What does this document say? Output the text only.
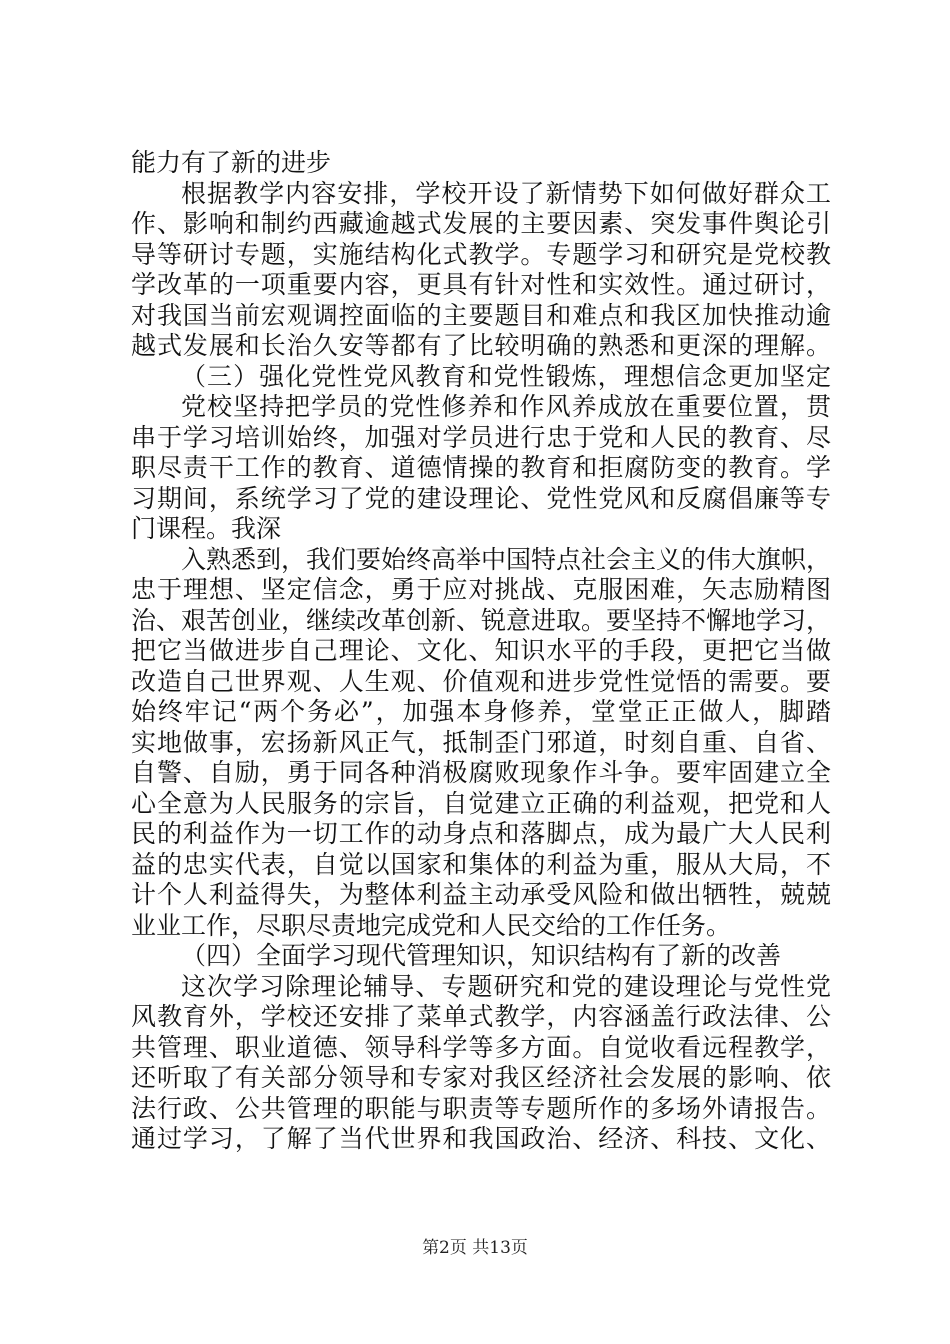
能力有了新的进步
根据教学内容安排，学校开设了新情势下如何做好群众工
作、影响和制约西藏逾越式发展的主要因素、突发事件舆论引
导等研讨专题，实施结构化式教学。专题学习和研究是党校教
学改革的一项重要内容，更具有针对性和实效性。通过研讨，
对我国当前宏观调控面临的主要题目和难点和我区加快推动逾
越式发展和长治久安等都有了比较明确的熟悉和更深的理解。
（三）强化党性党风教育和党性锻炼，理想信念更加坚定
党校坚持把学员的党性修养和作风养成放在重要位置，贯
串于学习培训始终，加强对学员进行忠于党和人民的教育、尽
职尽责干工作的教育、道德情操的教育和拒腐防变的教育。学
习期间，系统学习了党的建设理论、党性党风和反腐倡廉等专
门课程。我深
入熟悉到，我们要始终高举中国特点社会主义的伟大旗帜，
忠于理想、坚定信念，勇于应对挑战、克服困难，矢志励精图
治、艰苦创业，继续改革创新、锐意进取。要坚持不懈地学习，
把它当做进步自己理论、文化、知识水平的手段，更把它当做
改造自己世界观、人生观、价值观和进步党性觉悟的需要。要
始终牢记“两个务必”，加强本身修养，堂堂正正做人，脚踏
实地做事，宏扬新风正气，抵制歪门邪道，时刻自重、自省、
自警、自励，勇于同各种消极腐败现象作斗争。要牢固建立全
心全意为人民服务的宗旨，自觉建立正确的利益观，把党和人
民的利益作为一切工作的动身点和落脚点，成为最广大人民利
益的忠实代表，自觉以国家和集体的利益为重，服从大局，不
计个人利益得失，为整体利益主动承受风险和做出牺牲，兢兢
业业工作，尽职尽责地完成党和人民交给的工作任务。
（四）全面学习现代管理知识，知识结构有了新的改善
这次学习除理论辅导、专题研究和党的建设理论与党性党
风教育外，学校还安排了菜单式教学，内容涵盖行政法律、公
共管理、职业道德、领导科学等多方面。自觉收看远程教学，
还听取了有关部分领导和专家对我区经济社会发展的影响、依
法行政、公共管理的职能与职责等专题所作的多场外请报告。
通过学习，了解了当代世界和我国政治、经济、科技、文化、
第2页 共13页
